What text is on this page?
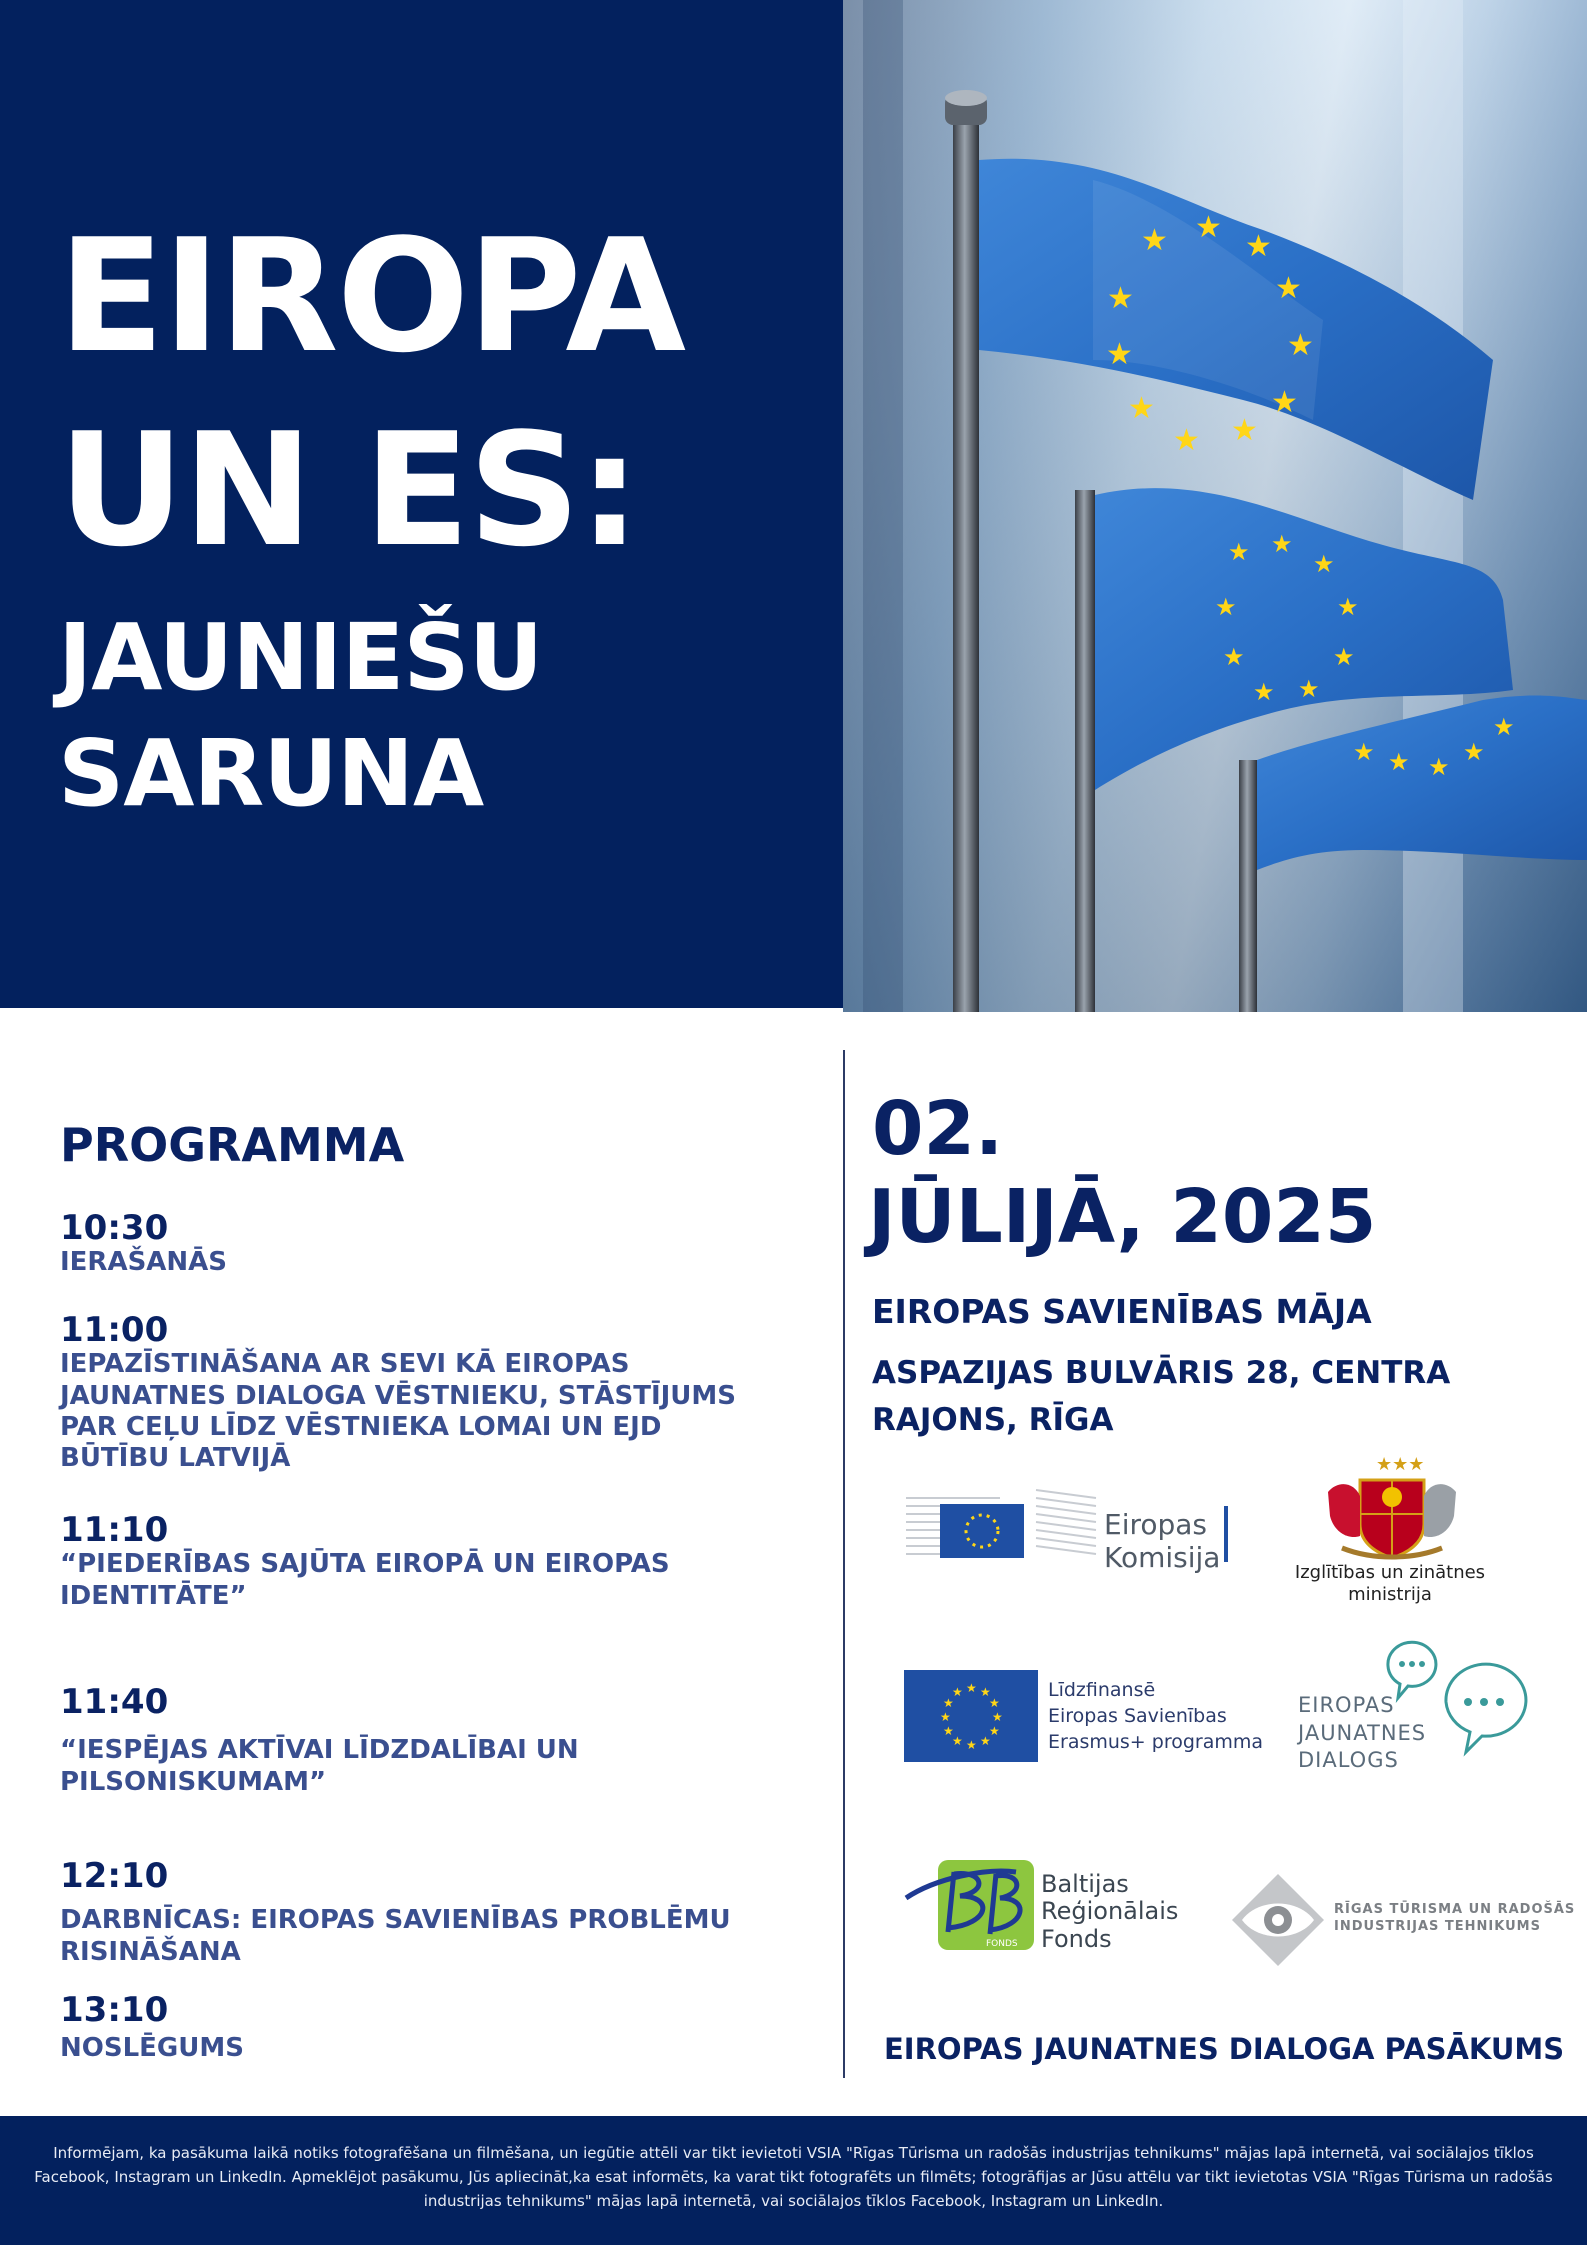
EIROPA
UN ES:
JAUNIEŠU
SARUNA
★ ★
★
★
★
★
★
★
★
★
★
★ ★
★
★
★
★
★
★
★
★ ★ ★
★
★
PROGRAMMA
10:30
IERAŠANĀS
11:00
IEPAZĪSTINĀŠANA AR SEVI KĀ EIROPAS
JAUNATNES DIALOGA VĒSTNIEKU, STĀSTĪJUMS
PAR CEĻU LĪDZ VĒSTNIEKA LOMAI UN EJD
BŪTĪBU LATVIJĀ
11:10
“PIEDERĪBAS SAJŪTA EIROPĀ UN EIROPAS
IDENTITĀTE”
11:40
“IESPĒJAS AKTĪVAI LĪDZDALĪBAI UN
PILSONISKUMAM”
12:10
DARBNĪCAS: EIROPAS SAVIENĪBAS PROBLĒMU
RISINĀŠANA
13:10
NOSLĒGUMS
02.
JŪLIJĀ, 2025
EIROPAS SAVIENĪBAS MĀJA
ASPAZIJAS BULVĀRIS 28, CENTRA RAJONS, RĪGA
Eiropas
Komisija
★★★
Izglītības un zinātnes
ministrija
★ ★
★
★
★
★
★
★
★
★
★
★	Līdzfinansē
Eiropas Savienības
Erasmus+ programma
EIROPAS
JAUNATNES
DIALOGS
FONDS
Baltijas
Reģionālais
Fonds
RĪGAS TŪRISMA UN RADOŠĀS
INDUSTRIJAS TEHNIKUMS
EIROPAS JAUNATNES DIALOGA PASĀKUMS
Informējam, ka pasākuma laikā notiks fotografēšana un filmēšana, un iegūtie attēli var tikt ievietoti VSIA "Rīgas Tūrisma un radošās industrijas tehnikums" mājas lapā internetā, vai sociālajos tīklos Facebook, Instagram un LinkedIn. Apmeklējot pasākumu, Jūs apliecināt,ka esat informēts, ka varat tikt fotografēts un filmēts; fotogrāfijas ar Jūsu attēlu var tikt ievietotas VSIA "Rīgas Tūrisma un radošās industrijas tehnikums" mājas lapā internetā, vai sociālajos tīklos Facebook, Instagram un LinkedIn.
